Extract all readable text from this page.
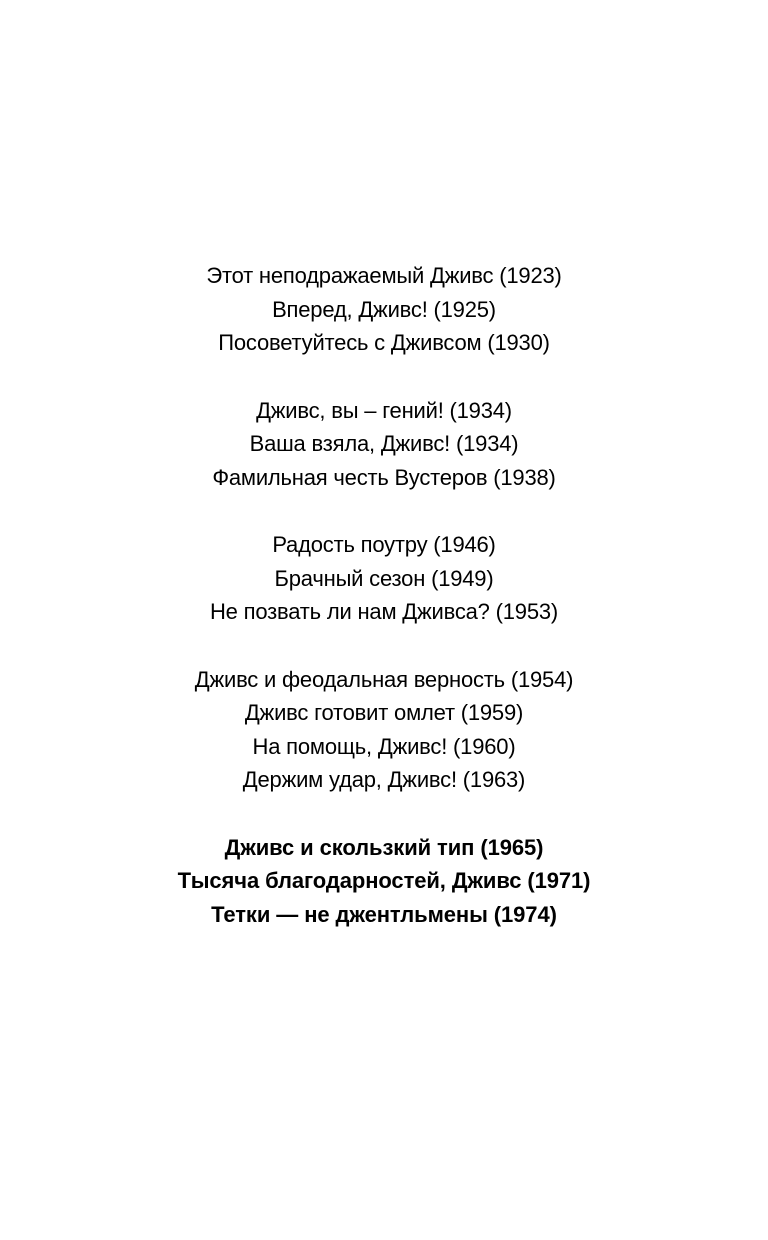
Этот неподражаемый Дживс (1923)
Вперед, Дживс! (1925)
Посоветуйтесь с Дживсом (1930)
Дживс, вы – гений! (1934)
Ваша взяла, Дживс! (1934)
Фамильная честь Вустеров (1938)
Радость поутру (1946)
Брачный сезон (1949)
Не позвать ли нам Дживса? (1953)
Дживс и феодальная верность (1954)
Дживс готовит омлет (1959)
На помощь, Дживс! (1960)
Держим удар, Дживс! (1963)
Дживс и скользкий тип (1965)
Тысяча благодарностей, Дживс (1971)
Тетки — не джентльмены (1974)
